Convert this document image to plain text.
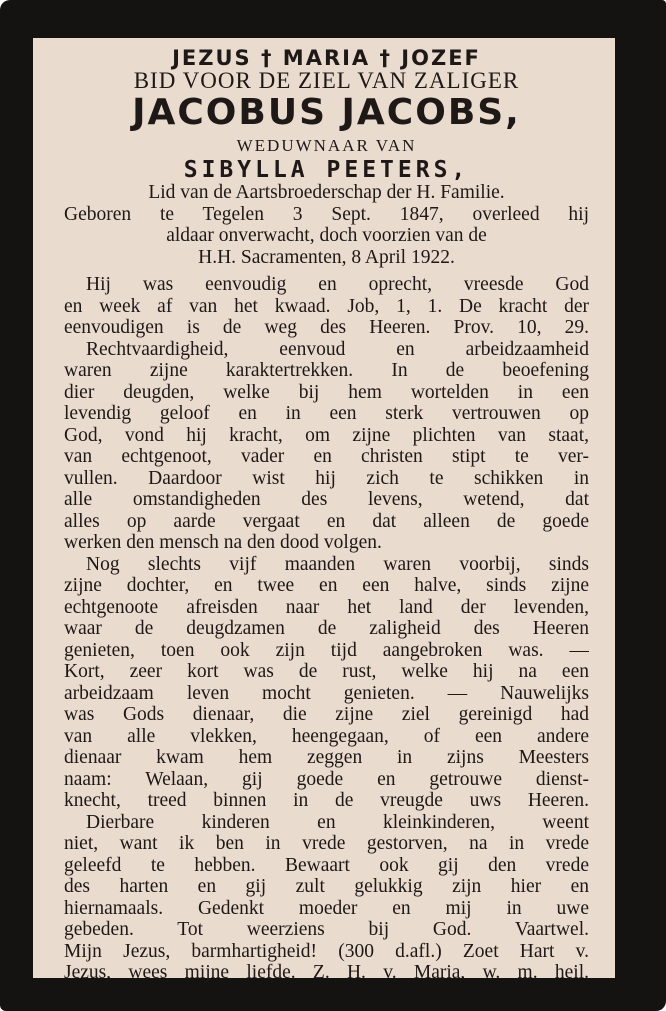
JEZUS † MARIA † JOZEF
BID VOOR DE ZIEL VAN ZALIGER
JACOBUS JACOBS,
WEDUWNAAR VAN
SIBYLLA PEETERS,
Lid van de Aartsbroederschap der H. Familie.
Geboren te Tegelen 3 Sept. 1847, overleed hij
aldaar onverwacht, doch voorzien van de
H.H. Sacramenten, 8 April 1922.
Hij was eenvoudig en oprecht, vreesde God
en week af van het kwaad. Job, 1, 1. De kracht der
eenvoudigen is de weg des Heeren. Prov. 10, 29.
Rechtvaardigheid, eenvoud en arbeidzaamheid
waren zijne karaktertrekken. In de beoefening
dier deugden, welke bij hem wortelden in een
levendig geloof en in een sterk vertrouwen op
God, vond hij kracht, om zijne plichten van staat,
van echtgenoot, vader en christen stipt te ver-
vullen. Daardoor wist hij zich te schikken in
alle omstandigheden des levens, wetend, dat
alles op aarde vergaat en dat alleen de goede
werken den mensch na den dood volgen.
Nog slechts vijf maanden waren voorbij, sinds
zijne dochter, en twee en een halve, sinds zijne
echtgenoote afreisden naar het land der levenden,
waar de deugdzamen de zaligheid des Heeren
genieten, toen ook zijn tijd aangebroken was. —
Kort, zeer kort was de rust, welke hij na een
arbeidzaam leven mocht genieten. — Nauwelijks
was Gods dienaar, die zijne ziel gereinigd had
van alle vlekken, heengegaan, of een andere
dienaar kwam hem zeggen in zijns Meesters
naam: Welaan, gij goede en getrouwe dienst-
knecht, treed binnen in de vreugde uws Heeren.
Dierbare kinderen en kleinkinderen, weent
niet, want ik ben in vrede gestorven, na in vrede
geleefd te hebben. Bewaart ook gij den vrede
des harten en gij zult gelukkig zijn hier en
hiernamaals. Gedenkt moeder en mij in uwe
gebeden. Tot weerziens bij God. Vaartwel.
Mijn Jezus, barmhartigheid! (300 d.afl.) Zoet Hart v.
Jezus, wees mijne liefde. Z. H. v. Maria, w. m. heil.
